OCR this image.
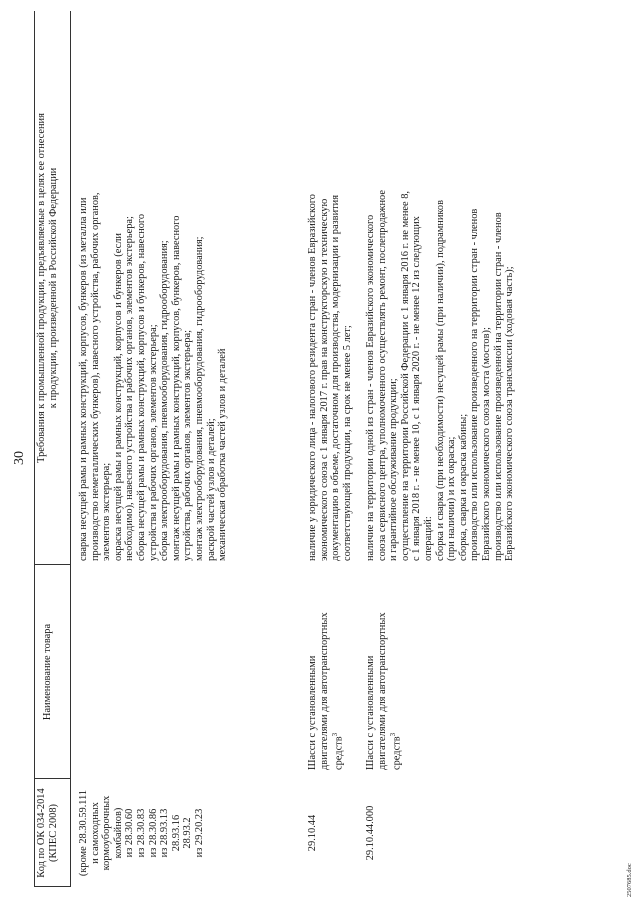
30
Код по ОК 034-2014 (КПЕС 2008)
Наименование товара
Требования к промышленной продукции, предъявляемые в целях ее отнесения к продукции, произведенной в Российской Федерации
(кроме 28.30.59.111 и самоходных кормоуборочных комбайнов) из 28.30.60 из 28.30.83 из 28.30.86 из 28.93.13 28.93.16 28.93.2 из 29.20.23
сварка несущей рамы и рамных конструкций, корпусов, бункеров (из металла или производство неметаллических бункеров), навесного устройства, рабочих органов, элементов экстерьера; окраска несущей рамы и рамных конструкций, корпусов и бункеров (если необходимо), навесного устройства и рабочих органов, элементов экстерьера; сборка несущей рамы и рамных конструкций, корпусов и бункеров, навесного устройства и рабочих органов, элементов экстерьера; сборка электрооборудования, пневмооборудования, гидрооборудования; монтаж несущей рамы и рамных конструкций, корпусов, бункеров, навесного устройства, рабочих органов, элементов экстерьера; монтаж электрооборудования, пневмооборудования, гидрооборудования; раскрой частей узлов и деталей; механическая обработка частей узлов и деталей
29.10.44
Шасси с установленными двигателями для автотранспортных средств$^3$
наличие у юридического лица - налогового резидента стран - членов Евразийского экономического союза с 1 января 2017 г. прав на конструкторскую и техническую документацию в объеме, достаточном для производства, модернизации и развития соответствующей продукции, на срок не менее 5 лет;
29.10.44.000
Шасси с установленными двигателями для автотранспортных средств$^3$
наличие на территории одной из стран - членов Евразийского экономического союза сервисного центра, уполномоченного осуществлять ремонт, послепродажное и гарантийное обслуживание продукции; осуществление на территории Российской Федерации с 1 января 2016 г. не менее 8, с 1 января 2018 г. - не менее 10, с 1 января 2020 г. - не менее 12 из следующих операций: сборка и сварка (при необходимости) несущей рамы (при наличии), подрамников (при наличии) и их окраска; сборка, сварка и окраска кабины; производство или использование произведенного на территории стран - членов Евразийского экономического союза моста (мостов); производство или использование произведенной на территории стран - членов Евразийского экономического союза трансмиссии (ходовая часть);
2507685.doc
